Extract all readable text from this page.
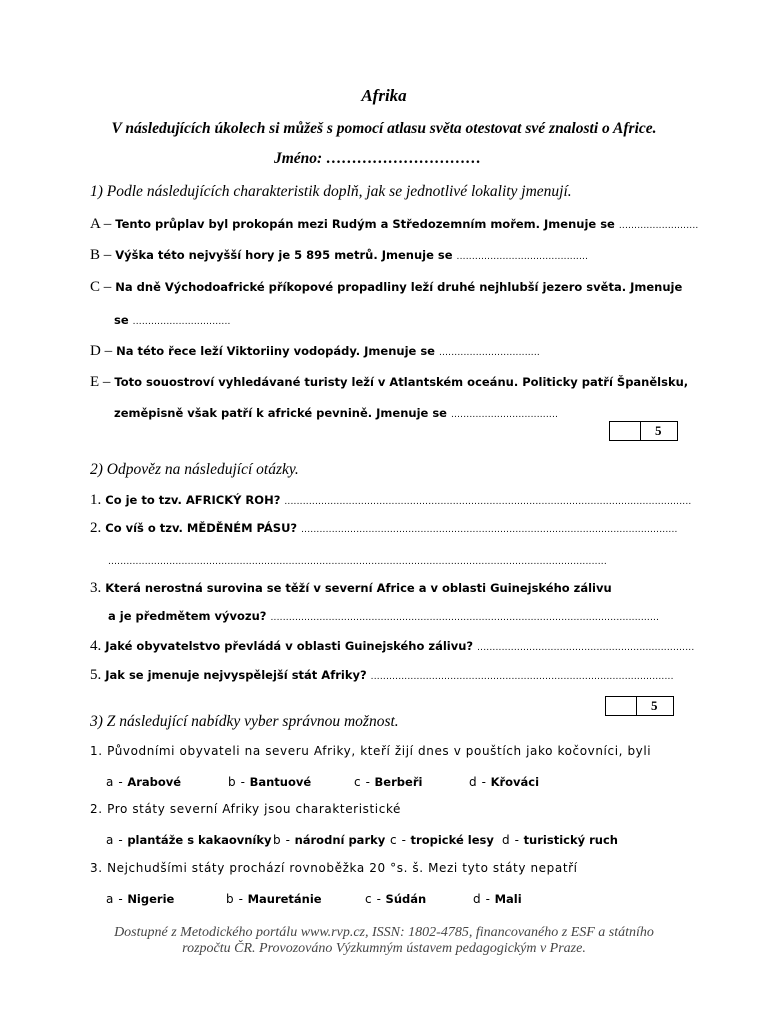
Afrika
V následujících úkolech si můžeš s pomocí atlasu světa otestovat své znalosti o Africe.
Jméno: …………………………
1) Podle následujících charakteristik doplň, jak se jednotlivé lokality jmenují.
A – Tento průplav byl prokopán mezi Rudým a Středozemním mořem. Jmenuje se ..........................
B – Výška této nejvyšší hory je 5 895 metrů. Jmenuje se ...........................................
C – Na dně Východoafrické příkopové propadliny leží druhé nejhlubší jezero světa. Jmenuje
se ................................
D – Na této řece leží Viktoriiny vodopády. Jmenuje se .................................
E – Toto souostroví vyhledávané turisty leží v Atlantském oceánu. Politicky patří Španělsku,
zeměpisně však patří k africké pevnině. Jmenuje se ...................................
5
2) Odpověz na následující otázky.
1. Co je to tzv. AFRICKÝ ROH? .....................................................................................................................................
2. Co víš o tzv. MĚDĚNÉM PÁSU? ...........................................................................................................................
...................................................................................................................................................................
3. Která nerostná surovina se těží v severní Africe a v oblasti Guinejského zálivu
a je předmětem vývozu? ...............................................................................................................................
4. Jaké obyvatelstvo převládá v oblasti Guinejského zálivu? .......................................................................
5. Jak se jmenuje nejvyspělejší stát Afriky? ...................................................................................................
5
3) Z následující nabídky vyber správnou možnost.
1. Původními obyvateli na severu Afriky, kteří žijí dnes v pouštích jako kočovníci, byli
a - Arabové	b - Bantuové	c - Berbeři	d - Křováci
2. Pro státy severní Afriky jsou charakteristické
a - plantáže s kakaovníky b - národní parky c - tropické lesy d - turistický ruch
3. Nejchudšími státy prochází rovnoběžka 20 °s. š. Mezi tyto státy nepatří
a - Nigerie	b - Mauretánie	c - Súdán	d - Mali
Dostupné z Metodického portálu www.rvp.cz, ISSN: 1802-4785, financovaného z ESF a státního
rozpočtu ČR. Provozováno Výzkumným ústavem pedagogickým v Praze.
